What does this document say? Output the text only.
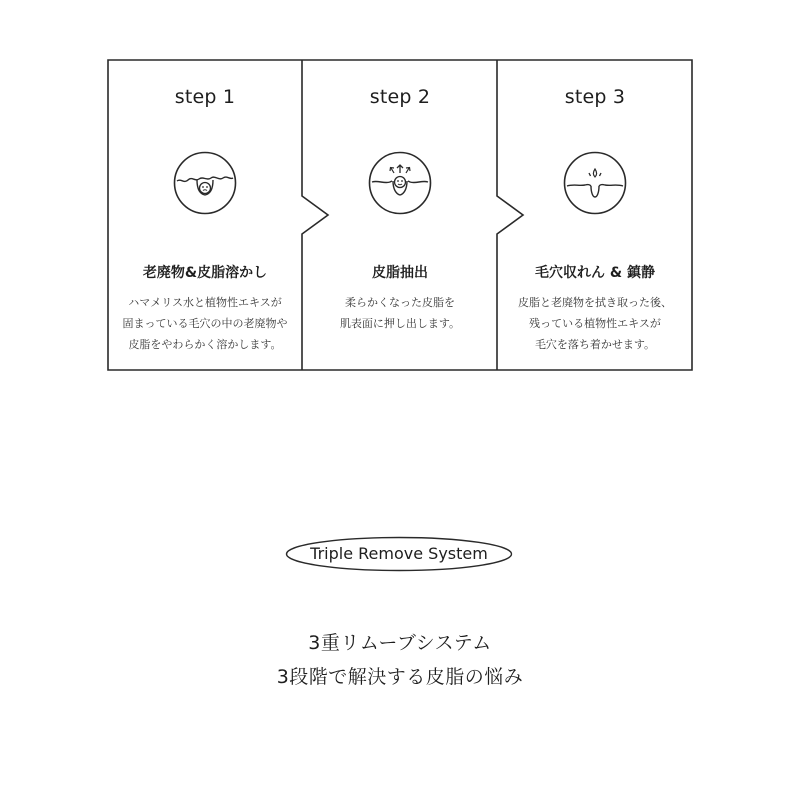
step 1
老廃物&皮脂溶かし
ハマメリス水と植物性エキスが
固まっている毛穴の中の老廃物や
皮脂をやわらかく溶かします。
step 2
皮脂抽出
柔らかくなった皮脂を
肌表面に押し出します。
step 3
毛穴収れん & 鎮静
皮脂と老廃物を拭き取った後、
残っている植物性エキスが
毛穴を落ち着かせます。
Triple Remove System
3重リムーブシステム
3段階で解決する皮脂の悩み
